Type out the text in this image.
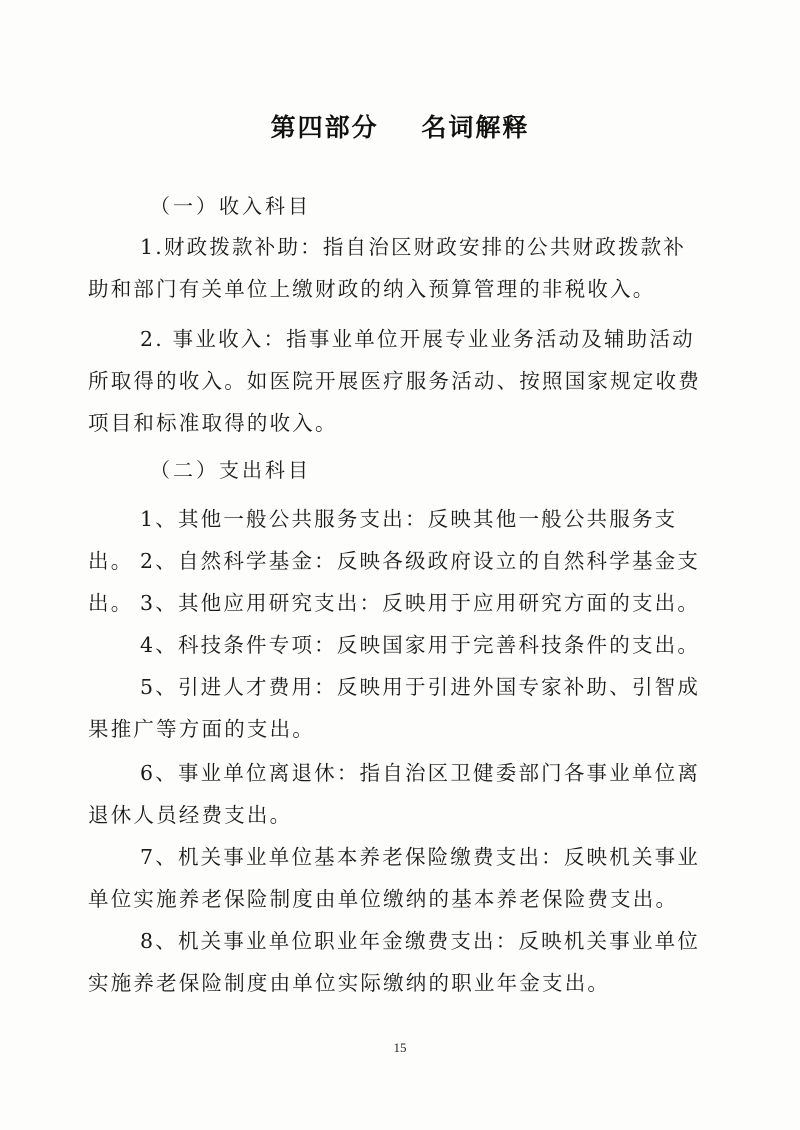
第四部分    名词解释
（一）收入科目

1.财政拨款补助：指自治区财政安排的公共财政拨款补助和部门有关单位上缴财政的纳入预算管理的非税收入。

2. 事业收入：指事业单位开展专业业务活动及辅助活动所取得的收入。如医院开展医疗服务活动、按照国家规定收费项目和标准取得的收入。

（二）支出科目

1、其他一般公共服务支出：反映其他一般公共服务支出。 2、自然科学基金：反映各级政府设立的自然科学基金支出。 3、其他应用研究支出：反映用于应用研究方面的支出。

4、科技条件专项：反映国家用于完善科技条件的支出。

5、引进人才费用：反映用于引进外国专家补助、引智成果推广等方面的支出。

6、事业单位离退休：指自治区卫健委部门各事业单位离退休人员经费支出。

7、机关事业单位基本养老保险缴费支出：反映机关事业单位实施养老保险制度由单位缴纳的基本养老保险费支出。

8、机关事业单位职业年金缴费支出：反映机关事业单位实施养老保险制度由单位实际缴纳的职业年金支出。

15
